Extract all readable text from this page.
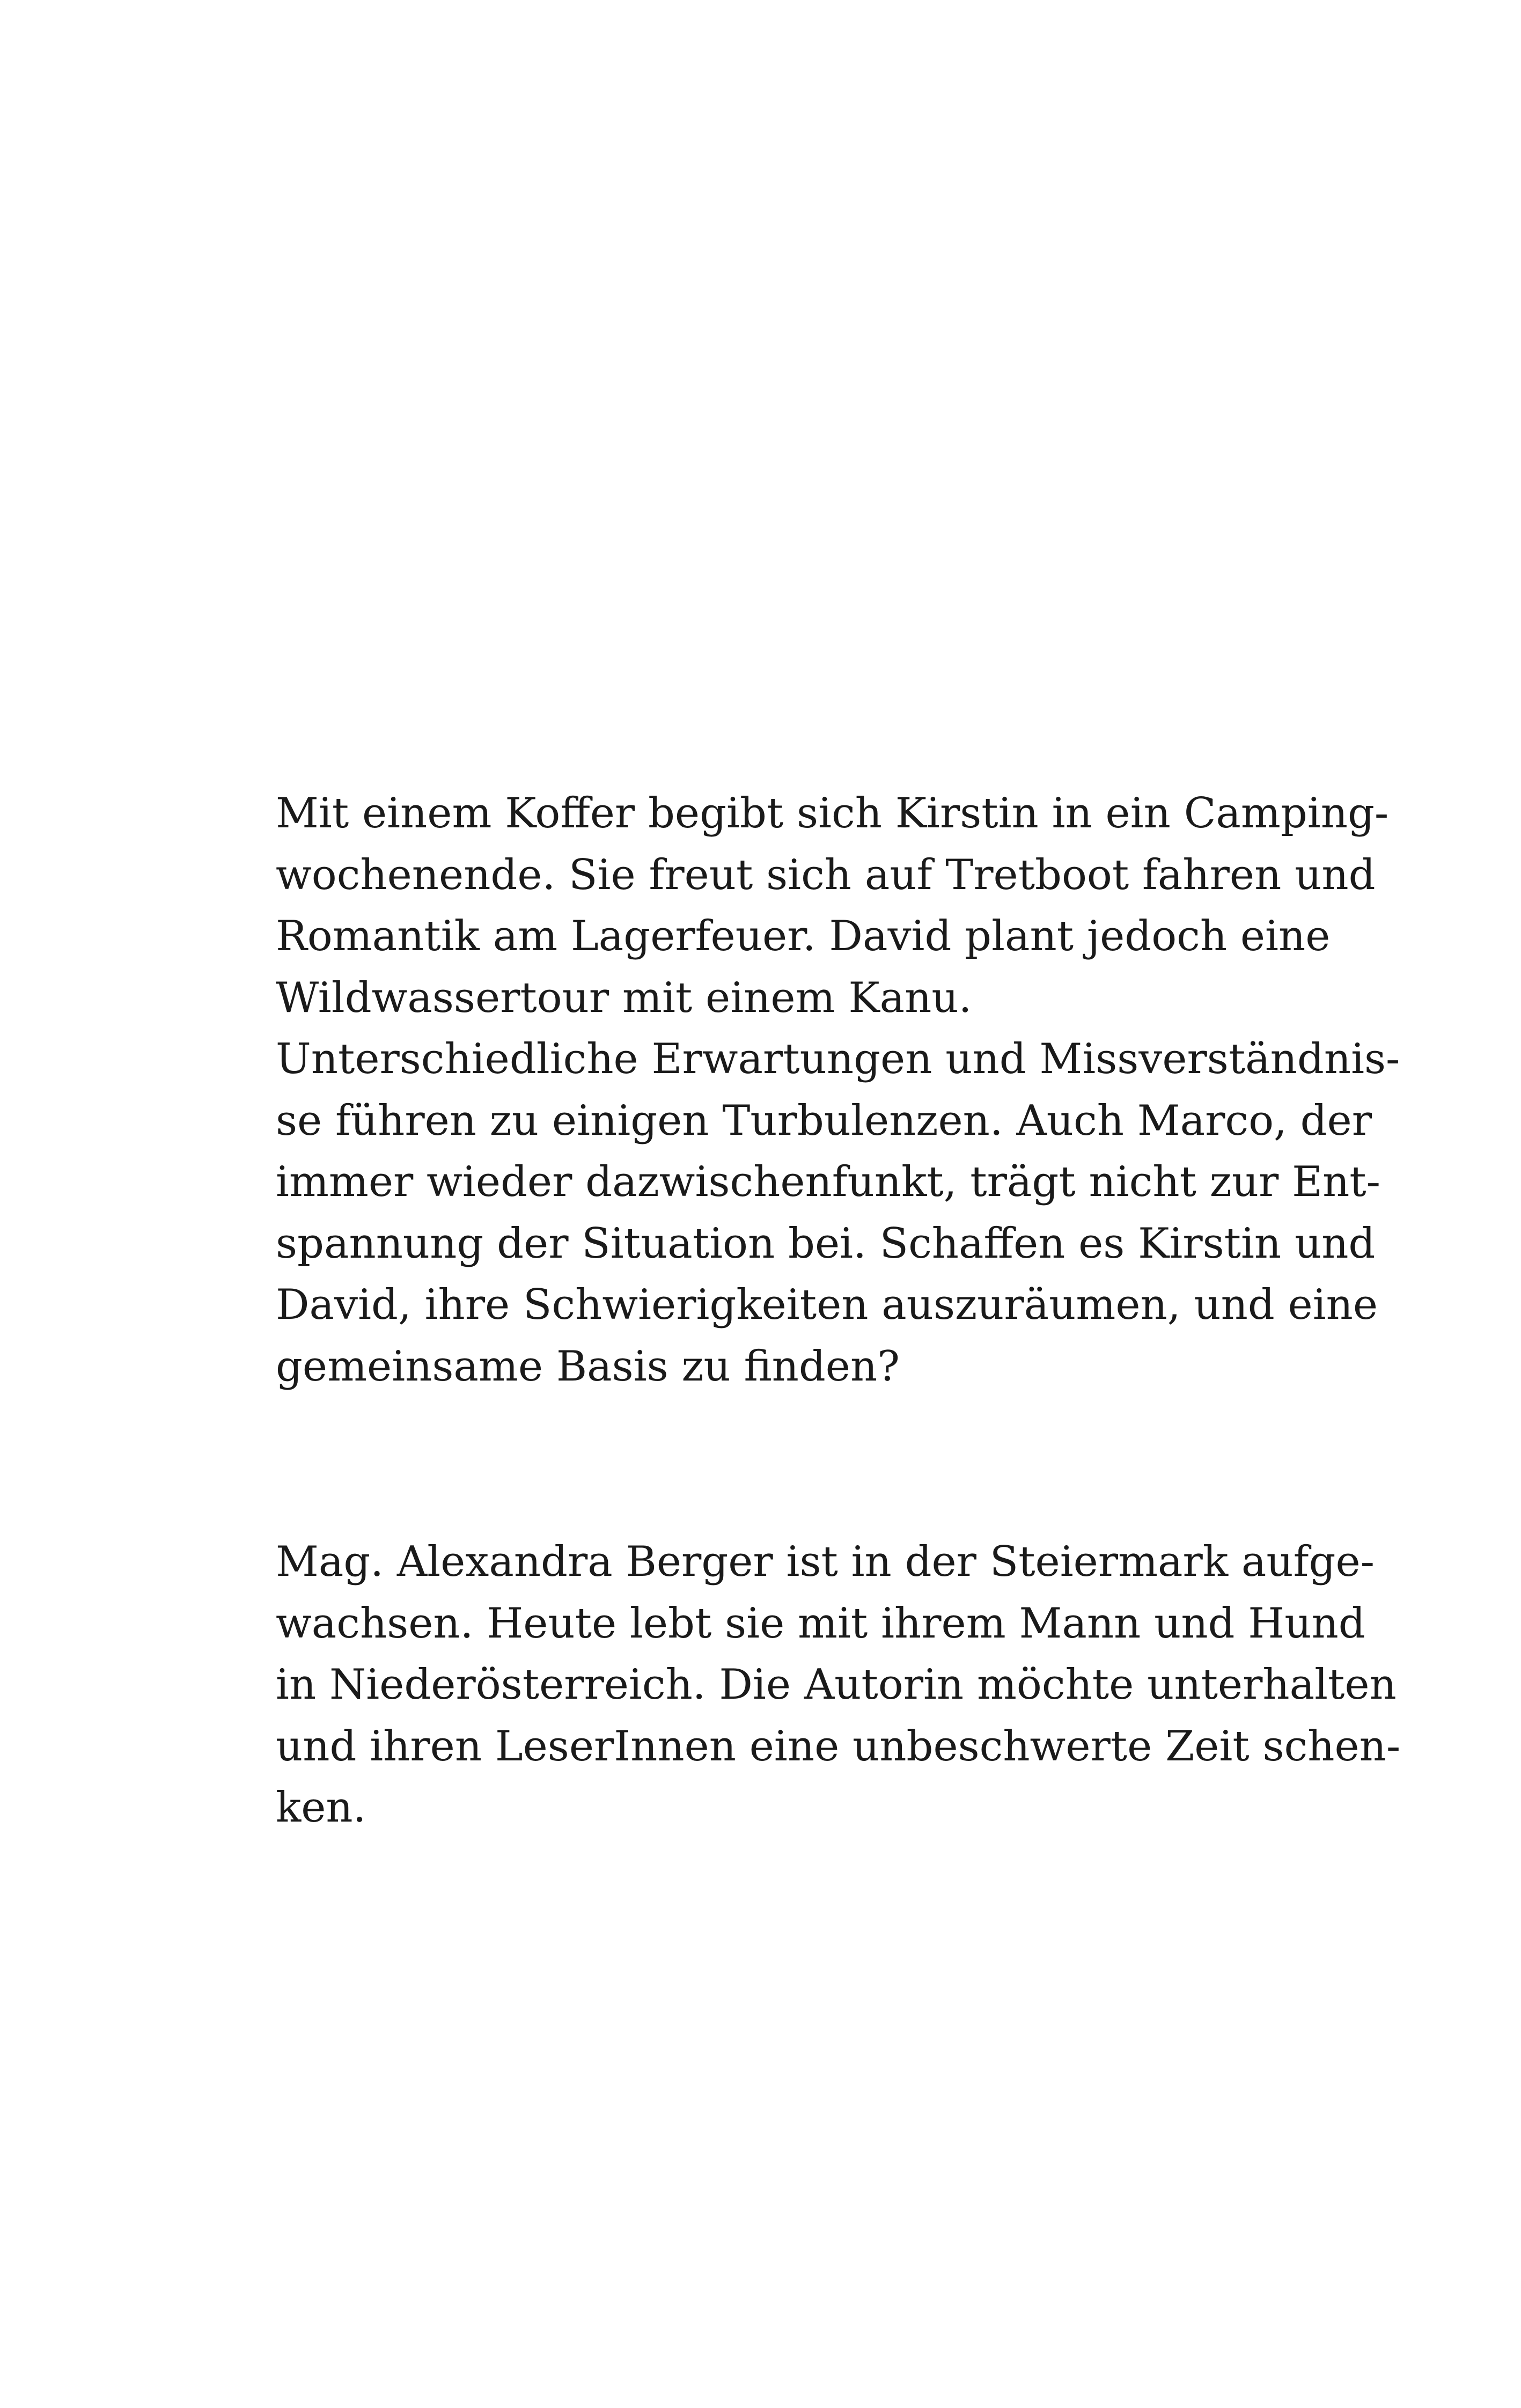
Mit einem Koffer begibt sich Kirstin in ein Camping-
wochenende. Sie freut sich auf Tretboot fahren und
Romantik am Lagerfeuer. David plant jedoch eine
Wildwassertour mit einem Kanu.
Unterschiedliche Erwartungen und Missverständnis-
se führen zu einigen Turbulenzen. Auch Marco, der
immer wieder dazwischenfunkt, trägt nicht zur Ent-
spannung der Situation bei. Schaffen es Kirstin und
David, ihre Schwierigkeiten auszuräumen, und eine
gemeinsame Basis zu finden?
Mag. Alexandra Berger ist in der Steiermark aufge-
wachsen. Heute lebt sie mit ihrem Mann und Hund
in Niederösterreich. Die Autorin möchte unterhalten
und ihren LeserInnen eine unbeschwerte Zeit schen-
ken.
